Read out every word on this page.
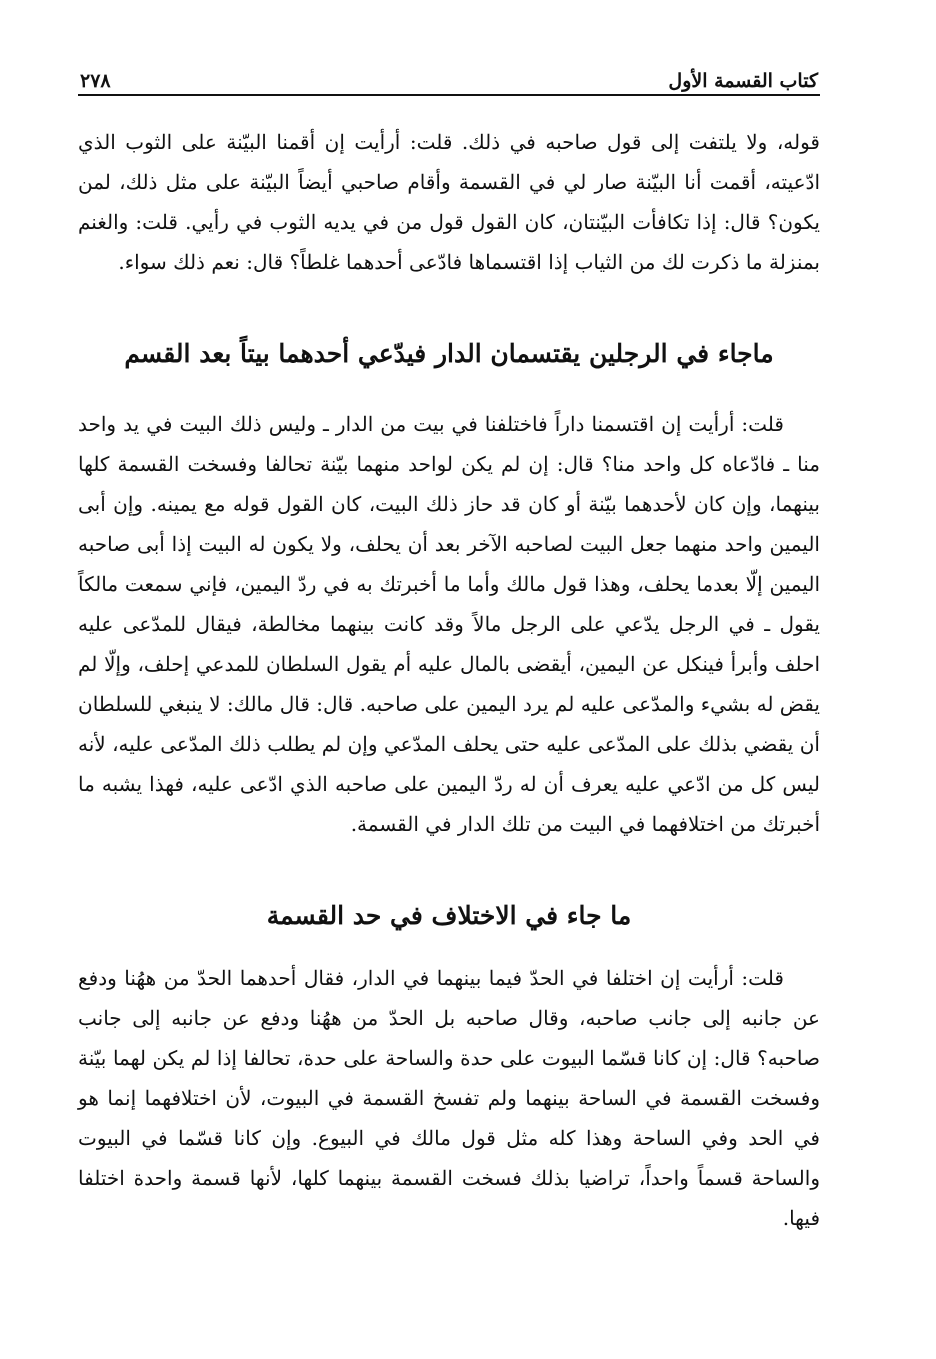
كتاب القسمة الأول
٢٧٨

قوله، ولا يلتفت إلى قول صاحبه في ذلك. قلت: أرأيت إن أقمنا البيّنة على الثوب الذي ادّعيته، أقمت أنا البيّنة صار لي في القسمة وأقام صاحبي أيضاً البيّنة على مثل ذلك، لمن يكون؟ قال: إذا تكافأت البيّنتان، كان القول قول من في يديه الثوب في رأيي. قلت: والغنم بمنزلة ما ذكرت لك من الثياب إذا اقتسماها فادّعى أحدهما غلطاً؟ قال: نعم ذلك سواء.

ماجاء في الرجلين يقتسمان الدار فيدّعي أحدهما بيتاً بعد القسم

قلت: أرأيت إن اقتسمنا داراً فاختلفنا في بيت من الدار ـ وليس ذلك البيت في يد واحد منا ـ فادّعاه كل واحد منا؟ قال: إن لم يكن لواحد منهما بيّنة تحالفا وفسخت القسمة كلها بينهما، وإن كان لأحدهما بيّنة أو كان قد حاز ذلك البيت، كان القول قوله مع يمينه. وإن أبى اليمين واحد منهما جعل البيت لصاحبه الآخر بعد أن يحلف، ولا يكون له البيت إذا أبى صاحبه اليمين إلّا بعدما يحلف، وهذا قول مالك وأما ما أخبرتك به في ردّ اليمين، فإني سمعت مالكاً يقول ـ في الرجل يدّعي على الرجل مالاً وقد كانت بينهما مخالطة، فيقال للمدّعى عليه احلف وأبرأ فينكل عن اليمين، أيقضى بالمال عليه أم يقول السلطان للمدعي إحلف، وإلّا لم يقض له بشيء والمدّعى عليه لم يرد اليمين على صاحبه. قال: قال مالك: لا ينبغي للسلطان أن يقضي بذلك على المدّعى عليه حتى يحلف المدّعي وإن لم يطلب ذلك المدّعى عليه، لأنه ليس كل من ادّعي عليه يعرف أن له ردّ اليمين على صاحبه الذي ادّعى عليه، فهذا يشبه ما أخبرتك من اختلافهما في البيت من تلك الدار في القسمة.

ما جاء في الاختلاف في حد القسمة

قلت: أرأيت إن اختلفا في الحدّ فيما بينهما في الدار، فقال أحدهما الحدّ من ههُنا ودفع عن جانبه إلى جانب صاحبه، وقال صاحبه بل الحدّ من ههُنا ودفع عن جانبه إلى جانب صاحبه؟ قال: إن كانا قسّما البيوت على حدة والساحة على حدة، تحالفا إذا لم يكن لهما بيّنة وفسخت القسمة في الساحة بينهما ولم تفسخ القسمة في البيوت، لأن اختلافهما إنما هو في الحد وفي الساحة وهذا كله مثل قول مالك في البيوع. وإن كانا قسّما في البيوت والساحة قسماً واحداً، تراضيا بذلك فسخت القسمة بينهما كلها، لأنها قسمة واحدة اختلفا فيها.
